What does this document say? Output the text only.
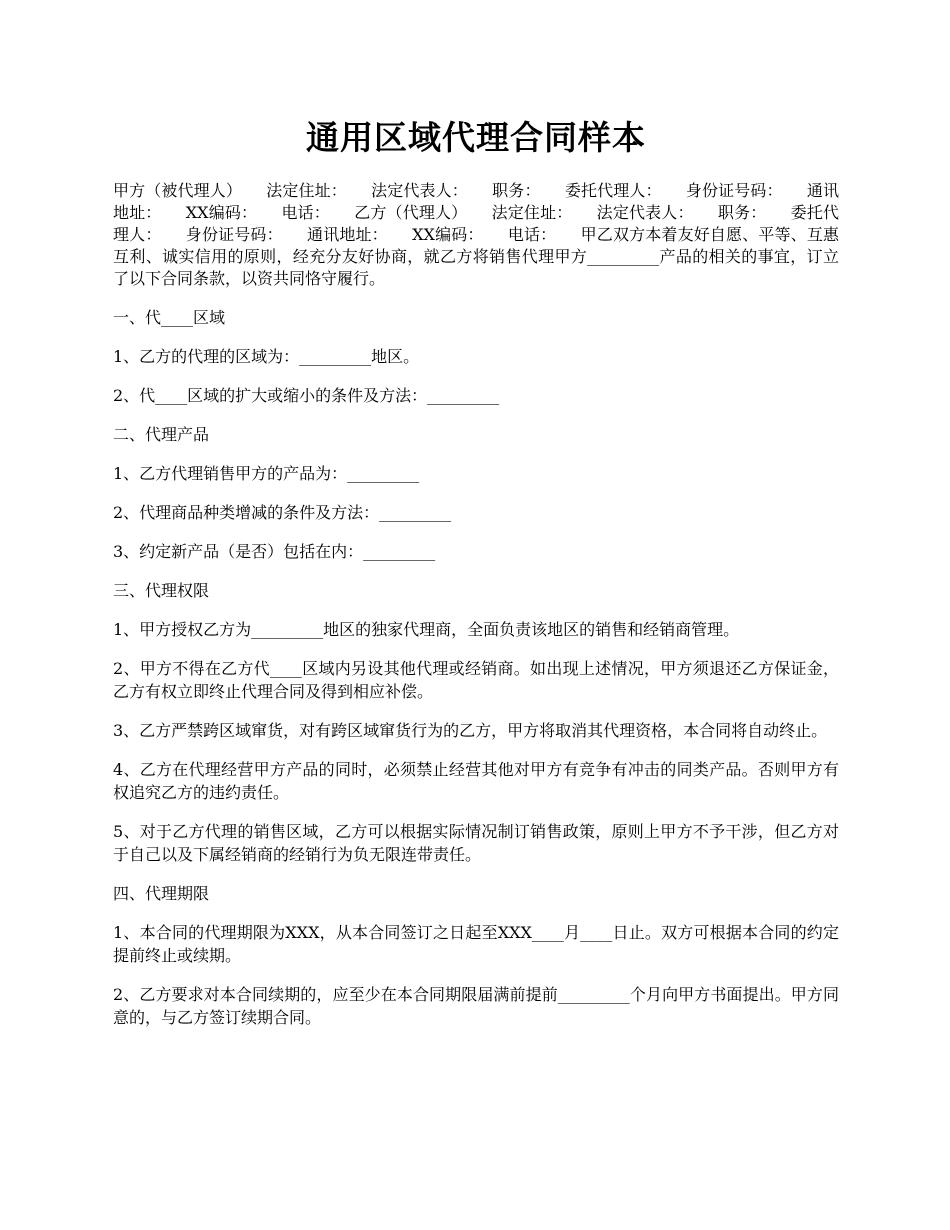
通用区域代理合同样本

甲方（被代理人）　　法定住址：　　法定代表人：　　职务：　　委托代理人：　　身份证号码：　　通讯地址：　　XX编码：　　电话：　　乙方（代理人）　　法定住址：　　法定代表人：　　职务：　　委托代理人：　　身份证号码：　　通讯地址：　　XX编码：　　电话：　　甲乙双方本着友好自愿、平等、互惠互利、诚实信用的原则，经充分友好协商，就乙方将销售代理甲方_________产品的相关的事宜，订立了以下合同条款，以资共同恪守履行。

一、代____区域

1、乙方的代理的区域为：_________地区。

2、代____区域的扩大或缩小的条件及方法：_________

二、代理产品

1、乙方代理销售甲方的产品为：_________

2、代理商品种类增减的条件及方法：_________

3、约定新产品（是否）包括在内：_________

三、代理权限

1、甲方授权乙方为_________地区的独家代理商，全面负责该地区的销售和经销商管理。

2、甲方不得在乙方代____区域内另设其他代理或经销商。如出现上述情况，甲方须退还乙方保证金，乙方有权立即终止代理合同及得到相应补偿。

3、乙方严禁跨区域窜货，对有跨区域窜货行为的乙方，甲方将取消其代理资格，本合同将自动终止。

4、乙方在代理经营甲方产品的同时，必须禁止经营其他对甲方有竞争有冲击的同类产品。否则甲方有权追究乙方的违约责任。

5、对于乙方代理的销售区域，乙方可以根据实际情况制订销售政策，原则上甲方不予干涉，但乙方对于自己以及下属经销商的经销行为负无限连带责任。

四、代理期限

1、本合同的代理期限为XXX，从本合同签订之日起至XXX____月____日止。双方可根据本合同的约定提前终止或续期。

2、乙方要求对本合同续期的，应至少在本合同期限届满前提前_________个月向甲方书面提出。甲方同意的，与乙方签订续期合同。
